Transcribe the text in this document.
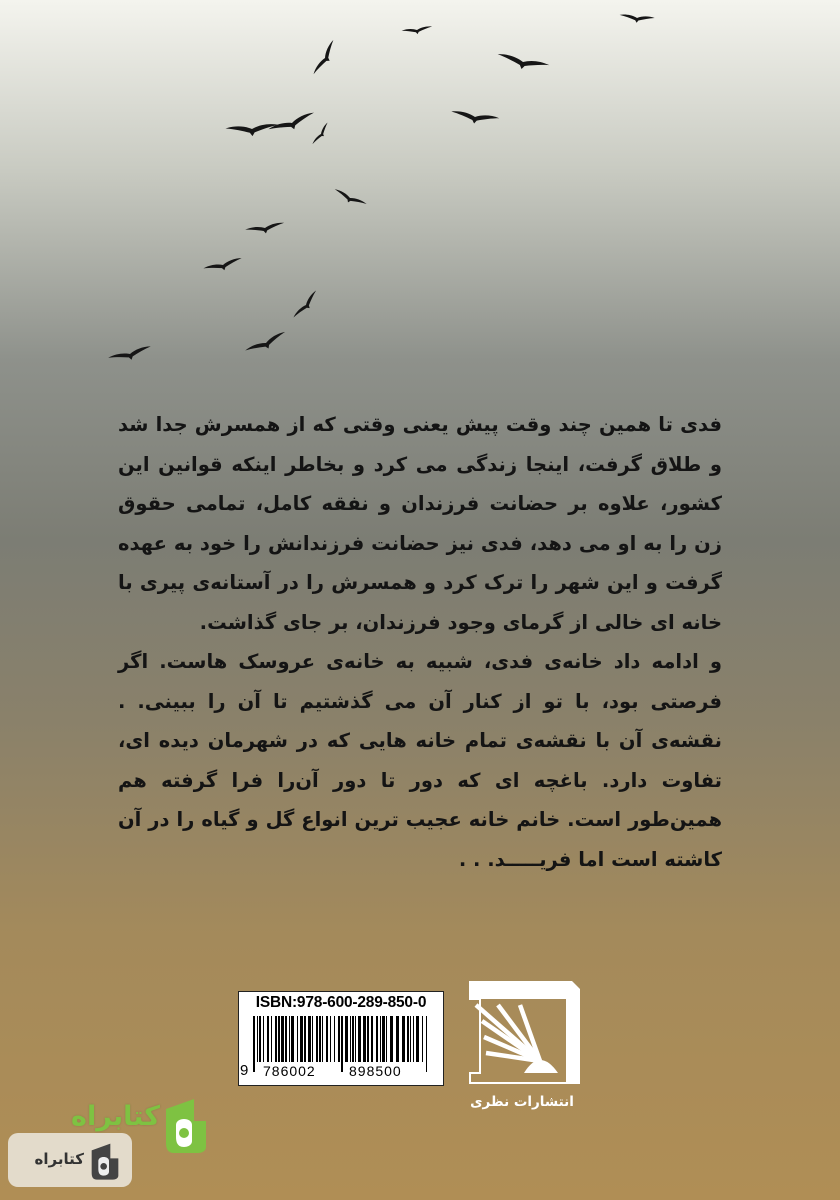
فدی تا همین چند وقت پیش یعنی وقتی که از همسرش جدا شد و طلاق گرفت، اینجا زندگی می کرد و بخاطر اینکه قوانین این کشور، علاوه بر حضانت فرزندان و نفقه کامل، تمامی حقوق زن را به او می دهد، فدی نیز حضانت فرزندانش را خود به عهده گرفت و این شهر را ترک کرد و همسرش را در آستانه‌ی پیری با خانه ای خالی از گرمای وجود فرزندان، بر جای گذاشت.

و ادامه داد خانه‌ی فدی، شبیه به خانه‌ی عروسک هاست. اگر فرصتی بود، با تو از کنار آن می گذشتیم تا آن را ببینی. . نقشه‌ی آن با نقشه‌ی تمام خانه هایی که در شهرمان دیده ای، تفاوت دارد. باغچه ای که دور تا دور آن‌را فرا گرفته هم همین‌طور است. خانم خانه عجیب ترین انواع گل و گیاه را در آن کاشته است اما فریـــــد. . .

ISBN:978-600-289-850-0
9 786002 898500
انتشارات نظری
کتابراه
کتابراه
